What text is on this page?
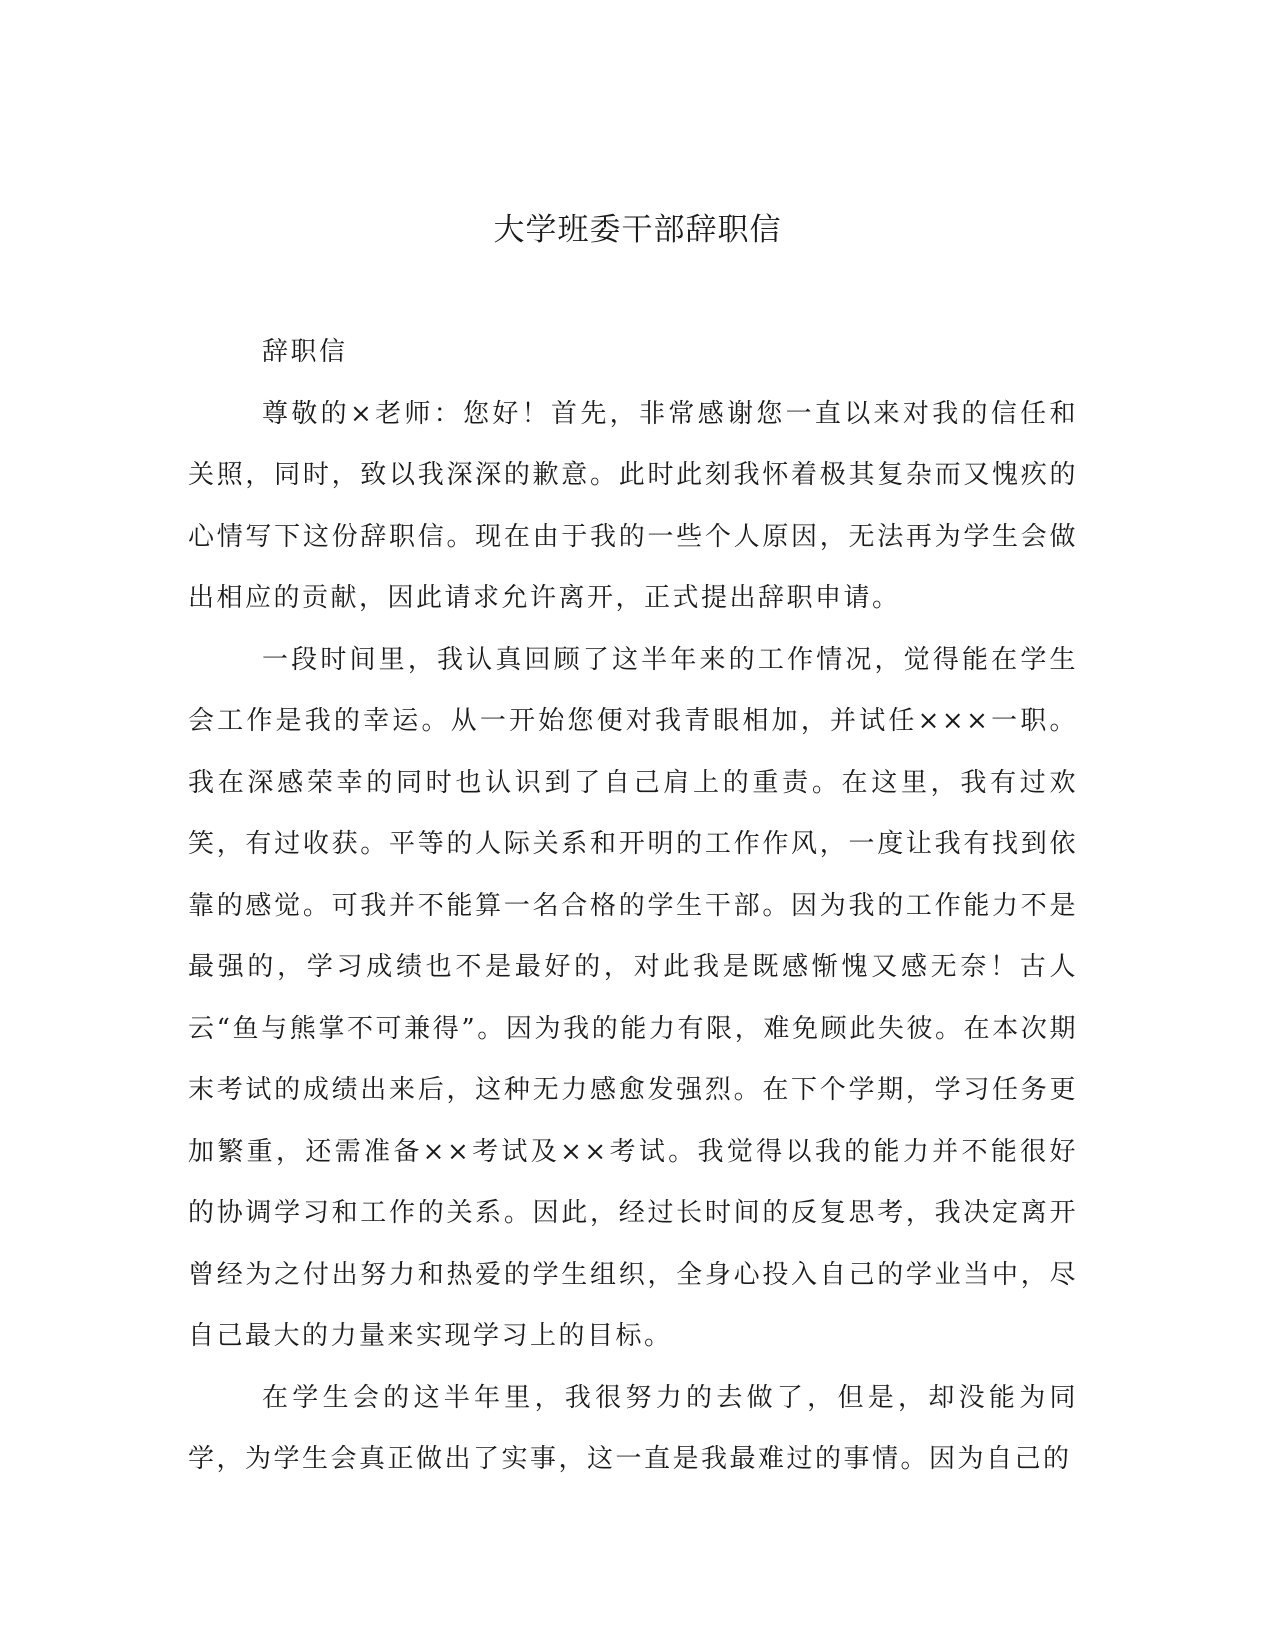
大学班委干部辞职信

辞职信

尊敬的×老师：您好！首先，非常感谢您一直以来对我的信任和关照，同时，致以我深深的歉意。此时此刻我怀着极其复杂而又愧疚的心情写下这份辞职信。现在由于我的一些个人原因，无法再为学生会做出相应的贡献，因此请求允许离开，正式提出辞职申请。

一段时间里，我认真回顾了这半年来的工作情况，觉得能在学生会工作是我的幸运。从一开始您便对我青眼相加，并试任×××一职。我在深感荣幸的同时也认识到了自己肩上的重责。在这里，我有过欢笑，有过收获。平等的人际关系和开明的工作作风，一度让我有找到依靠的感觉。可我并不能算一名合格的学生干部。因为我的工作能力不是最强的，学习成绩也不是最好的，对此我是既感惭愧又感无奈！古人云“鱼与熊掌不可兼得”。因为我的能力有限，难免顾此失彼。在本次期末考试的成绩出来后，这种无力感愈发强烈。在下个学期，学习任务更加繁重，还需准备××考试及××考试。我觉得以我的能力并不能很好的协调学习和工作的关系。因此，经过长时间的反复思考，我决定离开曾经为之付出努力和热爱的学生组织，全身心投入自己的学业当中，尽自己最大的力量来实现学习上的目标。

在学生会的这半年里，我很努力的去做了，但是，却没能为同学，为学生会真正做出了实事，这一直是我最难过的事情。因为自己的
